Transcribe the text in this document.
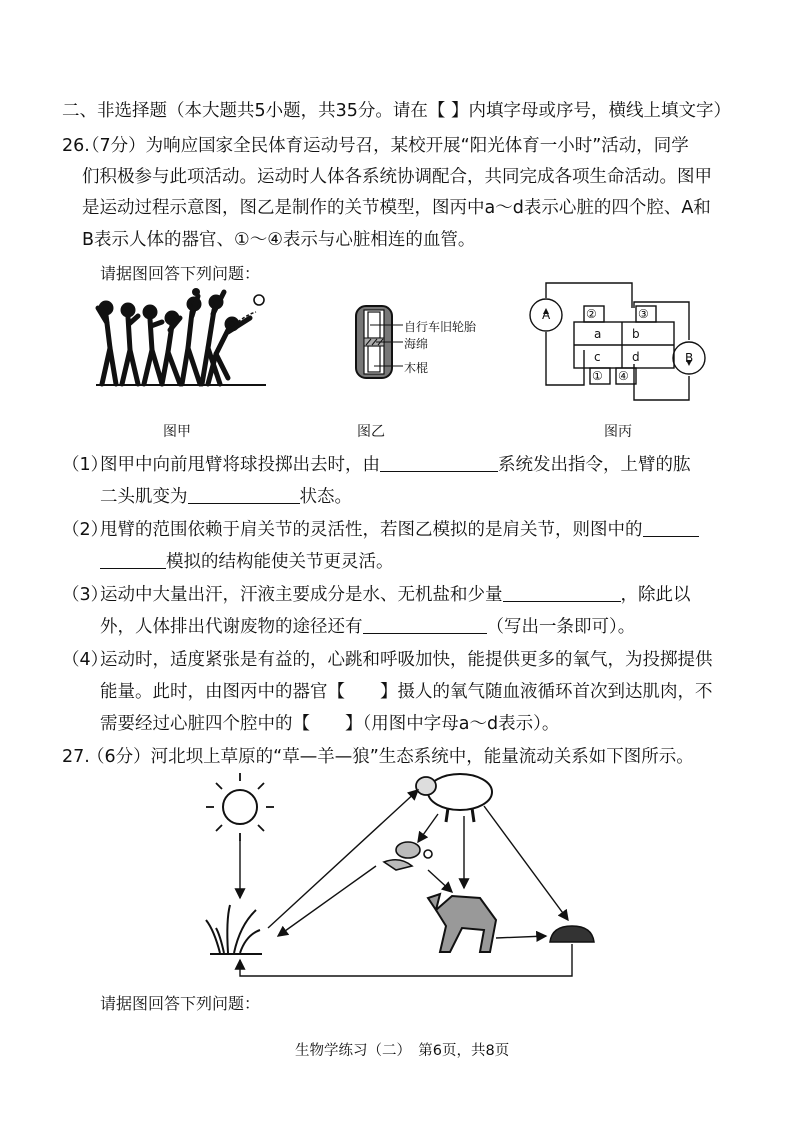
二、非选择题（本大题共5小题，共35分。请在【 】内填字母或序号，横线上填文字）
26.
（7分）为响应国家全民体育运动号召，某校开展“阳光体育一小时”活动，同学
们积极参与此项活动。运动时人体各系统协调配合，共同完成各项生命活动。图甲
是运动过程示意图，图乙是制作的关节模型，图丙中a～d表示心脏的四个腔、A和
B表示人体的器官、①～④表示与心脏相连的血管。
请据图回答下列问题：
自行车旧轮胎
海绵
木棍
a	b
c	d
A
B
②	③
① ④
图甲	图乙	图丙
（1）
图甲中向前甩臂将球投掷出去时，由	系统发出指令，上臂的肱
二头肌变为	状态。
（2）
甩臂的范围依赖于肩关节的灵活性，若图乙模拟的是肩关节，则图中的
模拟的结构能使关节更灵活。
（3）
运动中大量出汗，汗液主要成分是水、无机盐和少量	，除此以
外，人体排出代谢废物的途径还有	（写出一条即可）。
（4）
运动时，适度紧张是有益的，心跳和呼吸加快，能提供更多的氧气，为投掷提供
能量。此时，由图丙中的器官【　　】摄人的氧气随血液循环首次到达肌肉，不
需要经过心脏四个腔中的【　　】（用图中字母a～d表示）。
27.
（6分）河北坝上草原的“草—羊—狼”生态系统中，能量流动关系如下图所示。
请据图回答下列问题：
生物学练习（二）　第6页，共8页
